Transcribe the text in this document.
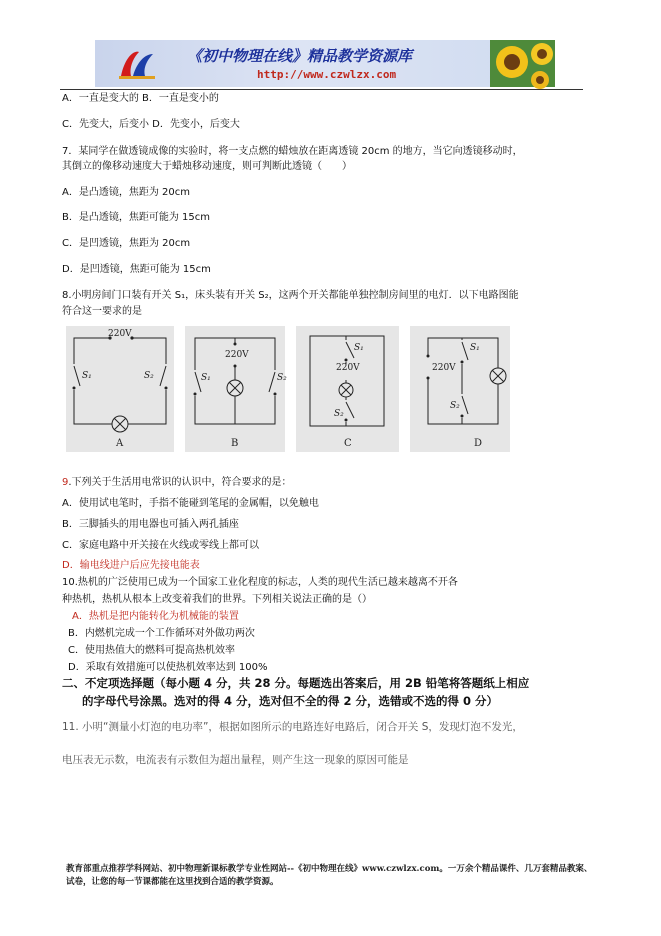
《初中物理在线》精品教学资源库
http://www.czwlzx.com
A．一直是变大的 B．一直是变小的
C．先变大，后变小 D．先变小，后变大
7．某同学在做透镜成像的实验时，将一支点燃的蜡烛放在距离透镜 20cm 的地方，当它向透镜移动时，
其倒立的像移动速度大于蜡烛移动速度，则可判断此透镜（　　）
A．是凸透镜，焦距为 20cm
B．是凸透镜，焦距可能为 15cm
C．是凹透镜，焦距为 20cm
D．是凹透镜，焦距可能为 15cm
8.小明房间门口装有开关 S₁，床头装有开关 S₂，这两个开关都能单独控制房间里的电灯．以下电路图能
符合这一要求的是
220V
S₁	S₂
A
220V
S₁	S₂
B
S₁
220V
S₂
C
220V
S₁
S₂
D
9.下列关于生活用电常识的认识中，符合要求的是：
A．使用试电笔时，手指不能碰到笔尾的金属帽，以免触电
B．三脚插头的用电器也可插入两孔插座
C．家庭电路中开关接在火线或零线上都可以
D．输电线进户后应先接电能表
10.热机的广泛使用已成为一个国家工业化程度的标志，人类的现代生活已越来越离不开各
种热机，热机从根本上改变着我们的世界。下列相关说法正确的是（）
A．热机是把内能转化为机械能的装置
B．内燃机完成一个工作循环对外做功两次
C．使用热值大的燃料可提高热机效率
D．采取有效措施可以使热机效率达到 100%
二、不定项选择题（每小题 4 分，共 28 分。每题选出答案后，用 2B 铅笔将答题纸上相应
的字母代号涂黑。选对的得 4 分，选对但不全的得 2 分，选错或不选的得 0 分）
11. 小明“测量小灯泡的电功率”，根据如图所示的电路连好电路后，闭合开关 S，发现灯泡不发光，
电压表无示数，电流表有示数但为超出量程，则产生这一现象的原因可能是
教育部重点推荐学科网站、初中物理新课标教学专业性网站--《初中物理在线》www.czwlzx.com。一万余个精品课件、几万套精品教案、试卷，让您的每一节课都能在这里找到合适的教学资源。
